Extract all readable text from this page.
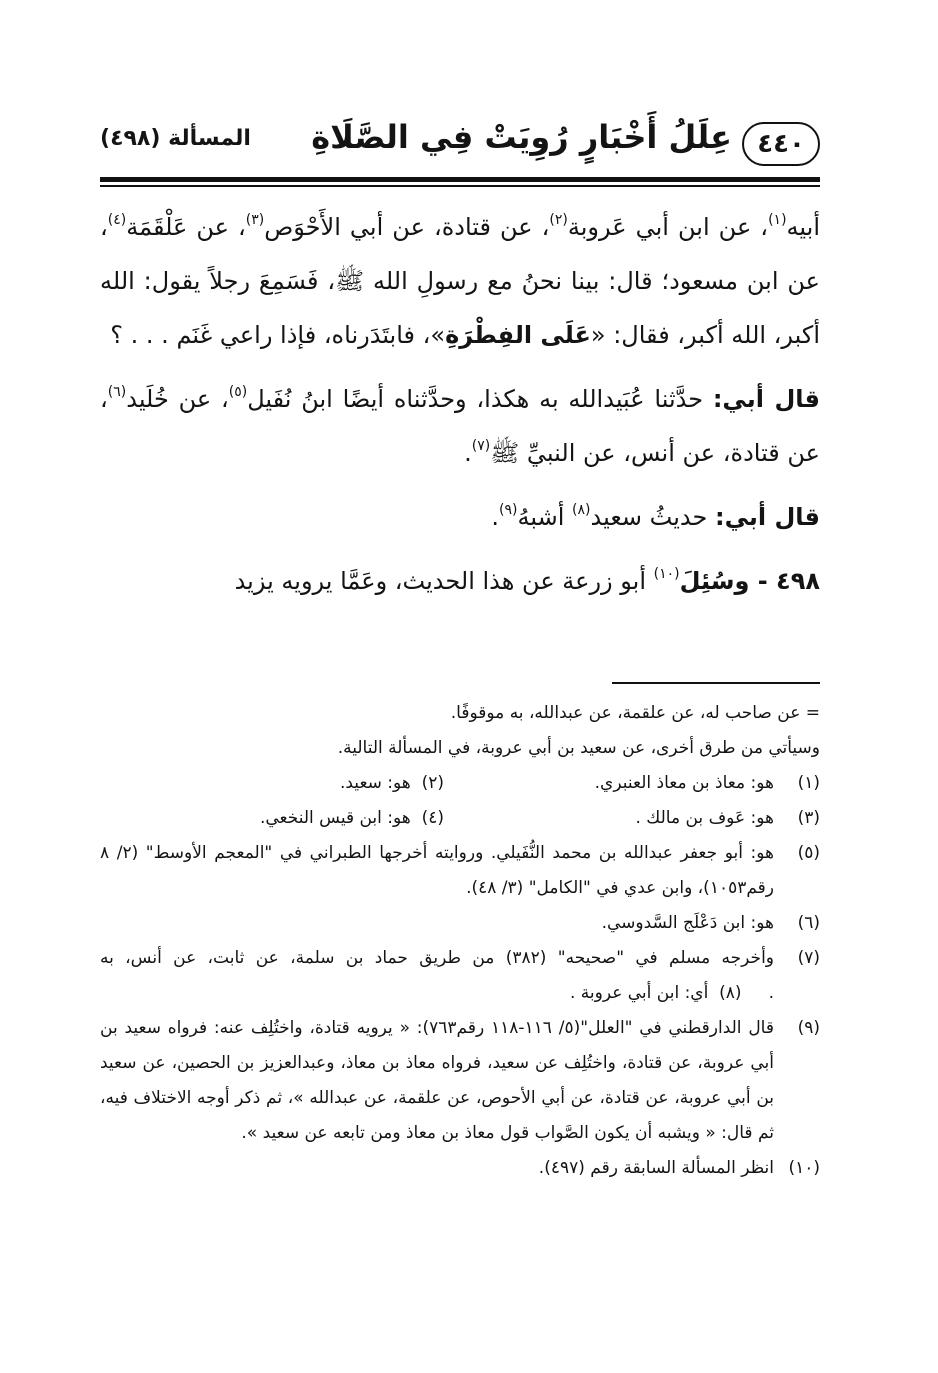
٤٤٠
عِلَلُ أَخْبَارٍ رُوِيَتْ فِي الصَّلَاةِ
المسألة (٤٩٨)

أبيه$^{(١)}$، عن ابن أبي عَروبة$^{(٢)}$، عن قتادة، عن أبي الأَحْوَص$^{(٣)}$، عن عَلْقَمَة$^{(٤)}$، عن ابن مسعود؛ قال: بينا نحنُ مع رسولِ الله ﷺ، فَسَمِعَ رجلاً يقول: الله أكبر، الله أكبر، فقال: «عَلَى الفِطْرَةِ»، فابتَدَرناه، فإذا راعي غَنَم . . . ؟

قال أبي: حدَّثنا عُبَيدالله به هكذا، وحدَّثناه أيضًا ابنُ نُفَيل$^{(٥)}$، عن خُلَيد$^{(٦)}$، عن قتادة، عن أنس، عن النبيِّ ﷺ$^{(٧)}$.

قال أبي: حديثُ سعيد$^{(٨)}$ أشبهُ$^{(٩)}$.

٤٩٨ - وسُئِلَ$^{(١٠)}$ أبو زرعة عن هذا الحديث، وعَمَّا يرويه يزيد

= عن صاحب له، عن علقمة، عن عبدالله، به موقوفًا.
وسيأتي من طرق أخرى، عن سعيد بن أبي عروبة، في المسألة التالية.
(١)
هو: معاذ بن معاذ العنبري.(٢)  هو: سعيد.
(٣)
هو: عَوف بن مالك .(٤)  هو: ابن قيس النخعي.
(٥)
هو: أبو جعفر عبدالله بن محمد النُّفَيلي. وروايته أخرجها الطبراني في "المعجم الأوسط" (٢/ ٨ رقم١٠٥٣)، وابن عدي في "الكامل" (٣/ ٤٨).
(٦)
هو: ابن دَعْلَج السَّدوسي.
(٧)
وأخرجه مسلم في "صحيحه" (٣٨٢) من طريق حماد بن سلمة، عن ثابت، عن أنس، به .     (٨)  أي: ابن أبي عروبة .
(٩)
قال الدارقطني في "العلل"(٥/ ١١٦-١١٨ رقم٧٦٣): « يرويه قتادة، واختُلِف عنه: فرواه سعيد بن أبي عروبة، عن قتادة، واختُلِف عن سعيد، فرواه معاذ بن معاذ، وعبدالعزيز بن الحصين، عن سعيد بن أبي عروبة، عن قتادة، عن أبي الأحوص، عن علقمة، عن عبدالله »، ثم ذكر أوجه الاختلاف فيه، ثم قال: « ويشبه أن يكون الصَّواب قول معاذ بن معاذ ومن تابعه عن سعيد ».
(١٠)
انظر المسألة السابقة رقم (٤٩٧).
